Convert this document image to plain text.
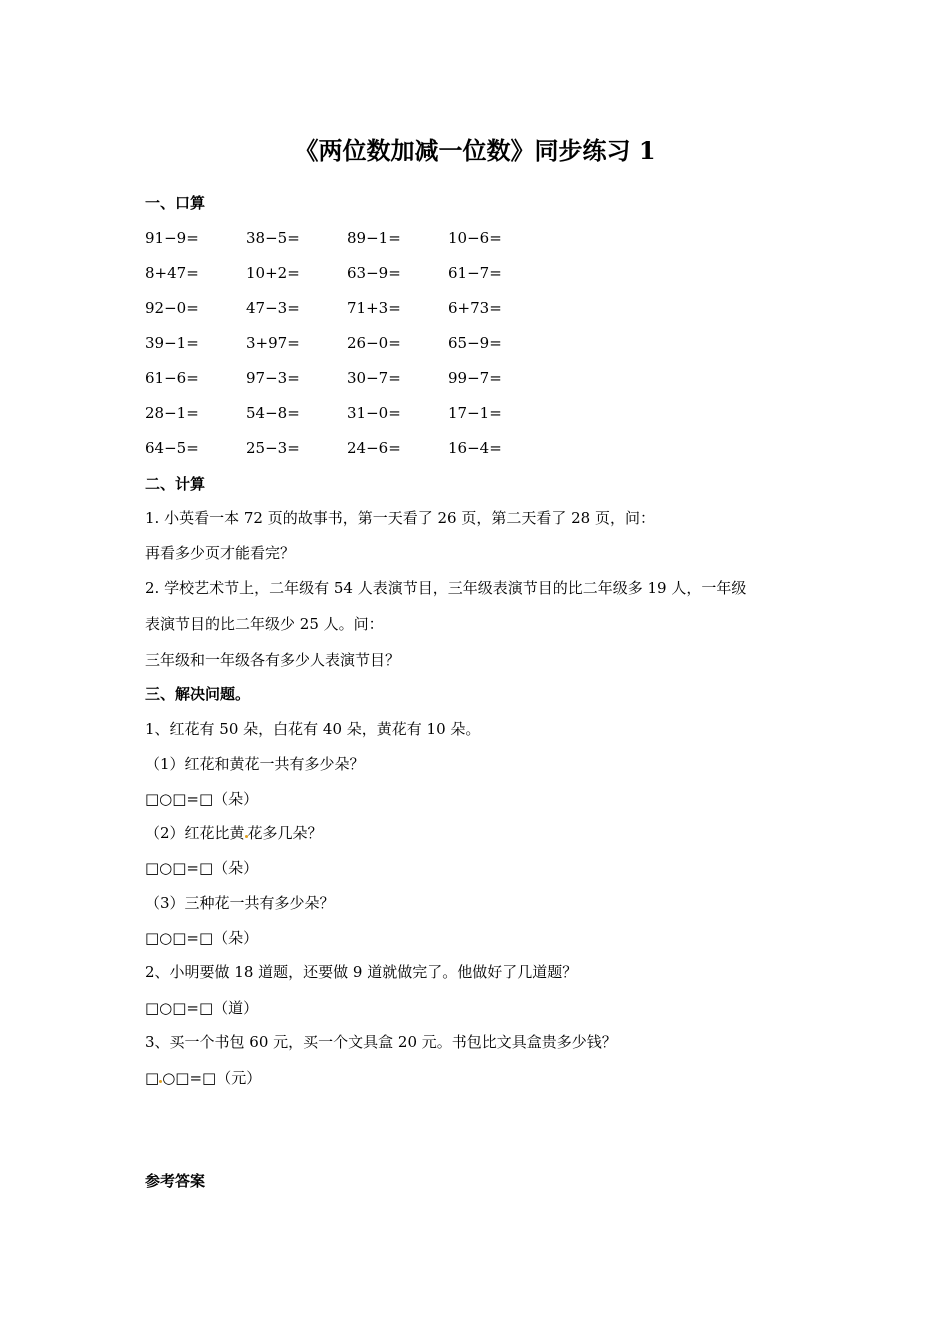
《两位数加减一位数》同步练习 1
一、口算
91−9=	38−5=	89−1=	10−6=
8+47=	10+2=	63−9=	61−7=
92−0=	47−3=	71+3=	6+73=
39−1=	3+97=	26−0=	65−9=
61−6=	97−3=	30−7=	99−7=
28−1=	54−8=	31−0=	17−1=
64−5=	25−3=	24−6=	16−4=
二、计算
1. 小英看一本 72 页的故事书，第一天看了 26 页，第二天看了 28 页，问：
再看多少页才能看完？
2. 学校艺术节上，二年级有 54 人表演节目，三年级表演节目的比二年级多 19 人，一年级
表演节目的比二年级少 25 人。问：
三年级和一年级各有多少人表演节目？
三、解决问题。
1、红花有 50 朵，白花有 40 朵，黄花有 10 朵。
（1）红花和黄花一共有多少朵？
□○□=□（朵）
（2）红花比黄 花多几朵？
□○□=□（朵）
（3）三种花一共有多少朵？
□○□=□（朵）
2、小明要做 18 道题，还要做 9 道就做完了。他做好了几道题？
□○□=□（道）
3、买一个书包 60 元，买一个文具盒 20 元。书包比文具盒贵多少钱？
□ ○□=□（元）
参考答案
